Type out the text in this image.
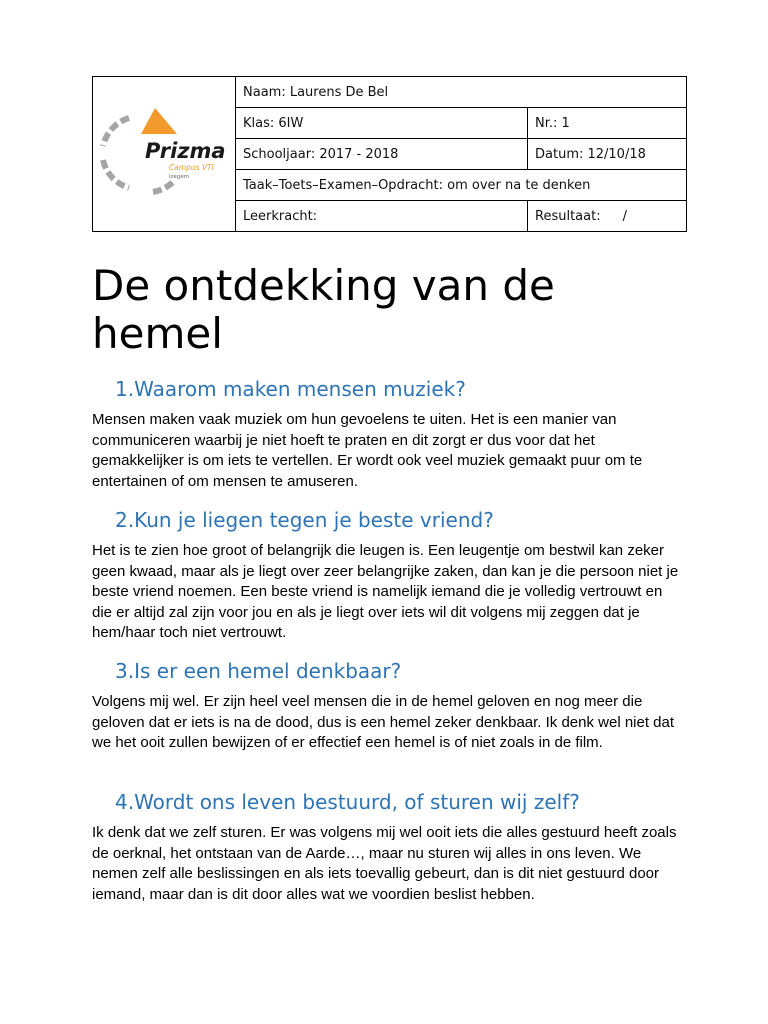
Prizma
Campus VTI
Izegem	Naam: Laurens De Bel	
	Klas: 6IW	Nr.: 1
	Schooljaar: 2017 - 2018	Datum: 12/10/18
	Taak–Toets–Examen–Opdracht: om over na te denken	
	Leerkracht:	Resultaat: /
De ontdekking van de hemel
1.Waarom maken mensen muziek?

Mensen maken vaak muziek om hun gevoelens te uiten. Het is een manier van communiceren waarbij je niet hoeft te praten en dit zorgt er dus voor dat het gemakkelijker is om iets te vertellen. Er wordt ook veel muziek gemaakt puur om te entertainen of om mensen te amuseren.

2.Kun je liegen tegen je beste vriend?

Het is te zien hoe groot of belangrijk die leugen is. Een leugentje om bestwil kan zeker geen kwaad, maar als je liegt over zeer belangrijke zaken, dan kan je die persoon niet je beste vriend noemen. Een beste vriend is namelijk iemand die je volledig vertrouwt en die er altijd zal zijn voor jou en als je liegt over iets wil dit volgens mij zeggen dat je hem/haar toch niet vertrouwt.

3.Is er een hemel denkbaar?

Volgens mij wel. Er zijn heel veel mensen die in de hemel geloven en nog meer die geloven dat er iets is na de dood, dus is een hemel zeker denkbaar. Ik denk wel niet dat we het ooit zullen bewijzen of er effectief een hemel is of niet zoals in de film.

4.Wordt ons leven bestuurd, of sturen wij zelf?

Ik denk dat we zelf sturen. Er was volgens mij wel ooit iets die alles gestuurd heeft zoals de oerknal, het ontstaan van de Aarde…, maar nu sturen wij alles in ons leven. We nemen zelf alle beslissingen en als iets toevallig gebeurt, dan is dit niet gestuurd door iemand, maar dan is dit door alles wat we voordien beslist hebben.
